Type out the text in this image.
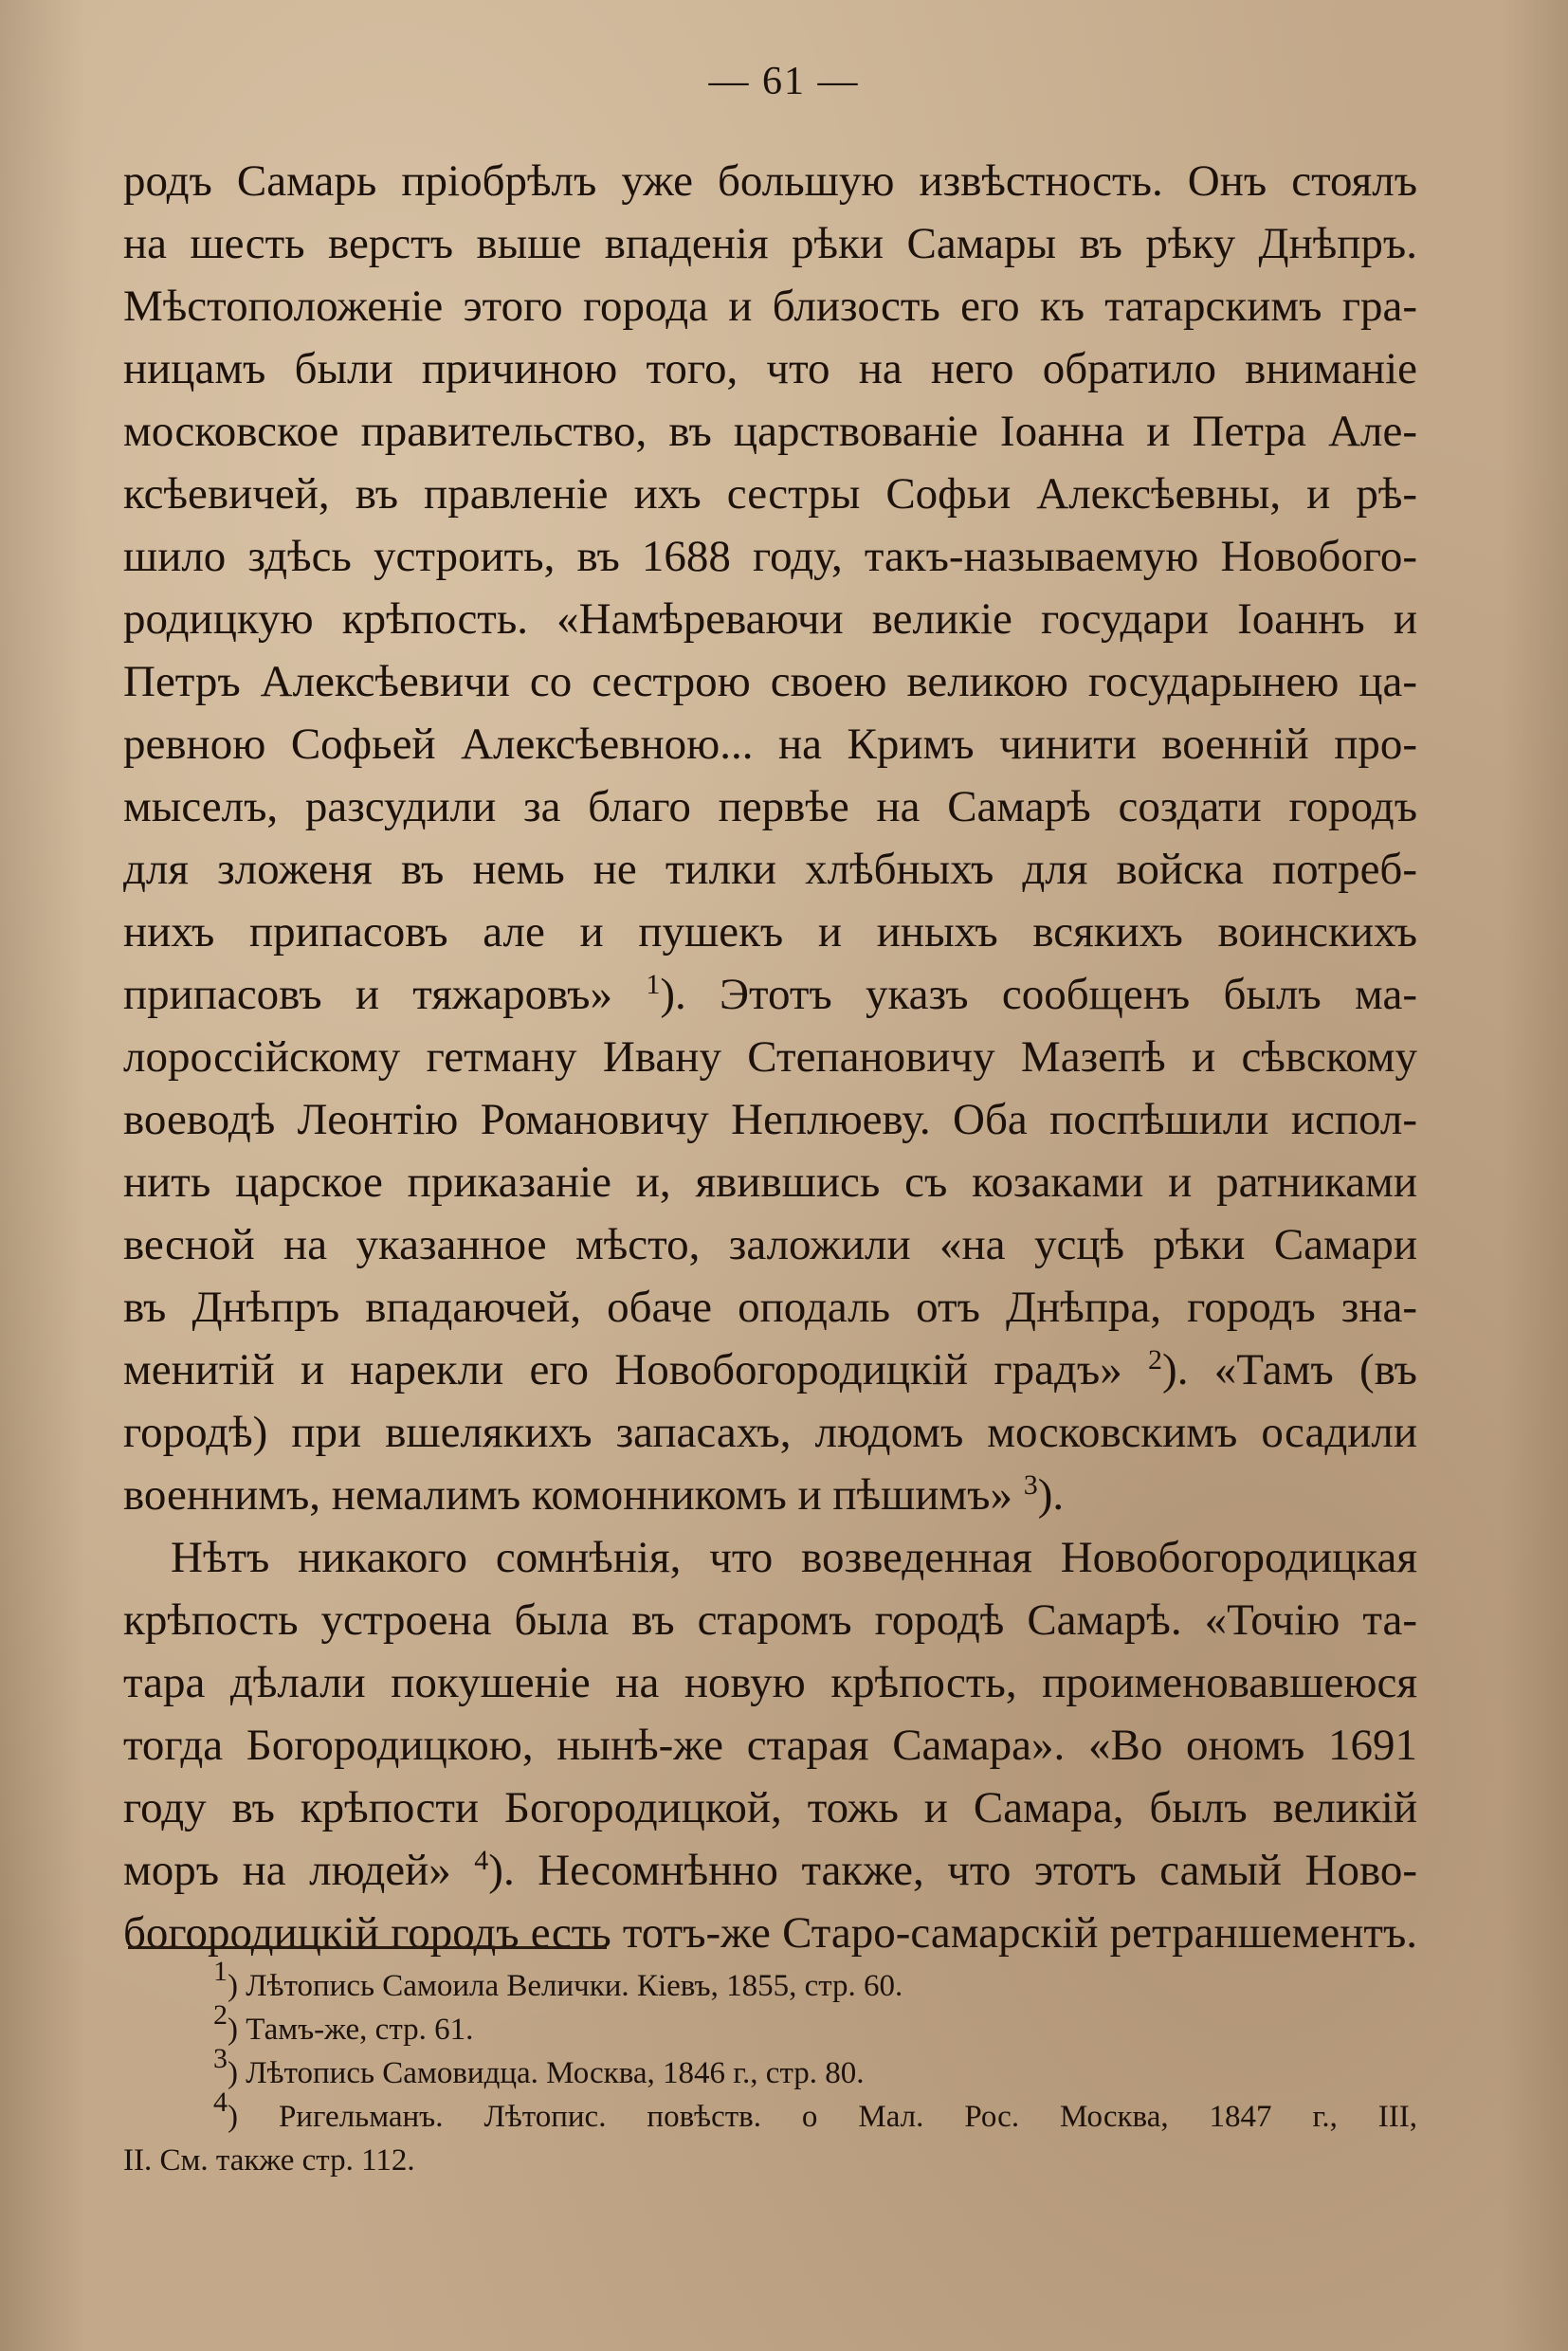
— 61 —
родъ Самарь пріобрѣлъ уже большую извѣстность. Онъ стоялъ
на шесть верстъ выше впаденія рѣки Самары въ рѣку Днѣпръ.
Мѣстоположеніе этого города и близость его къ татарскимъ гра-
ницамъ были причиною того, что на него обратило вниманіе
московское правительство, въ царствованіе Іоанна и Петра Але-
ксѣевичей, въ правленіе ихъ сестры Софьи Алексѣевны, и рѣ-
шило здѣсь устроить, въ 1688 году, такъ-называемую Новобого-
родицкую крѣпость. «Намѣреваючи великіе государи Іоаннъ и
Петръ Алексѣевичи со сестрою своею великою государынею ца-
ревною Софьей Алексѣевною... на Кримъ чинити военній про-
мыселъ, разсудили за благо первѣе на Самарѣ создати городъ
для зложеня въ немь не тилки хлѣбныхъ для войска потреб-
нихъ припасовъ але и пушекъ и иныхъ всякихъ воинскихъ
припасовъ и тяжаровъ» $^1$). Этотъ указъ сообщенъ былъ ма-
лороссійскому гетману Ивану Степановичу Мазепѣ и сѣвскому
воеводѣ Леонтію Романовичу Неплюеву. Оба поспѣшили испол-
нить царское приказаніе и, явившись съ козаками и ратниками
весной на указанное мѣсто, заложили «на усцѣ рѣки Самари
въ Днѣпръ впадаючей, обаче оподаль отъ Днѣпра, городъ зна-
менитій и нарекли его Новобогородицкій градъ» $^2$). «Тамъ (въ
городѣ) при вшелякихъ запасахъ, людомъ московскимъ осадили
военнимъ, немалимъ комонникомъ и пѣшимъ» $^3$).
Нѣтъ никакого сомнѣнія, что возведенная Новобогородицкая
крѣпость устроена была въ старомъ городѣ Самарѣ. «Точію та-
тара дѣлали покушеніе на новую крѣпость, проименовавшеюся
тогда Богородицкою, нынѣ-же старая Самара». «Во ономъ 1691
году въ крѣпости Богородицкой, тожь и Самара, былъ великій
моръ на людей» $^4$). Несомнѣнно также, что этотъ самый Ново-
богородицкій городъ есть тотъ-же Старо-самарскій ретраншементъ.
$^1$) Лѣтопись Самоила Велички. Кіевъ, 1855, стр. 60.
$^2$) Тамъ-же, стр. 61.
$^3$) Лѣтопись Самовидца. Москва, 1846 г., стр. 80.
$^4$) Ригельманъ. Лѣтопис. повѣств. о Мал. Рос. Москва, 1847 г., III,
II. См. также стр. 112.
